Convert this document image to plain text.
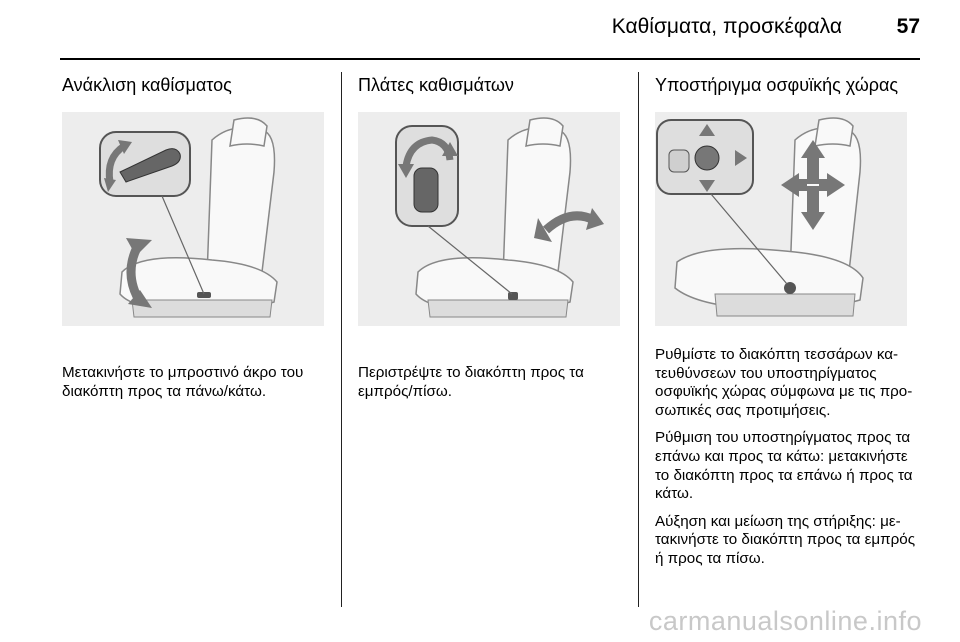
Καθίσματα, προσκέφαλα	57
Ανάκλιση καθίσματος

Μετακινήστε το μπροστινό άκρο του διακόπτη προς τα πάνω/κάτω.

Πλάτες καθισμάτων

Περιστρέψτε το διακόπτη προς τα εμπρός/πίσω.

Υποστήριγμα οσφυϊκής χώρας

Ρυθμίστε το διακόπτη τεσσάρων κα-τευθύνσεων του υποστηρίγματος οσφυϊκής χώρας σύμφωνα με τις προ-σωπικές σας προτιμήσεις.

Ρύθμιση του υποστηρίγματος προς τα επάνω και προς τα κάτω: μετακινήστε το διακόπτη προς τα επάνω ή προς τα κάτω.

Αύξηση και μείωση της στήριξης: με-τακινήστε το διακόπτη προς τα εμπρός ή προς τα πίσω.

carmanualsonline.info
